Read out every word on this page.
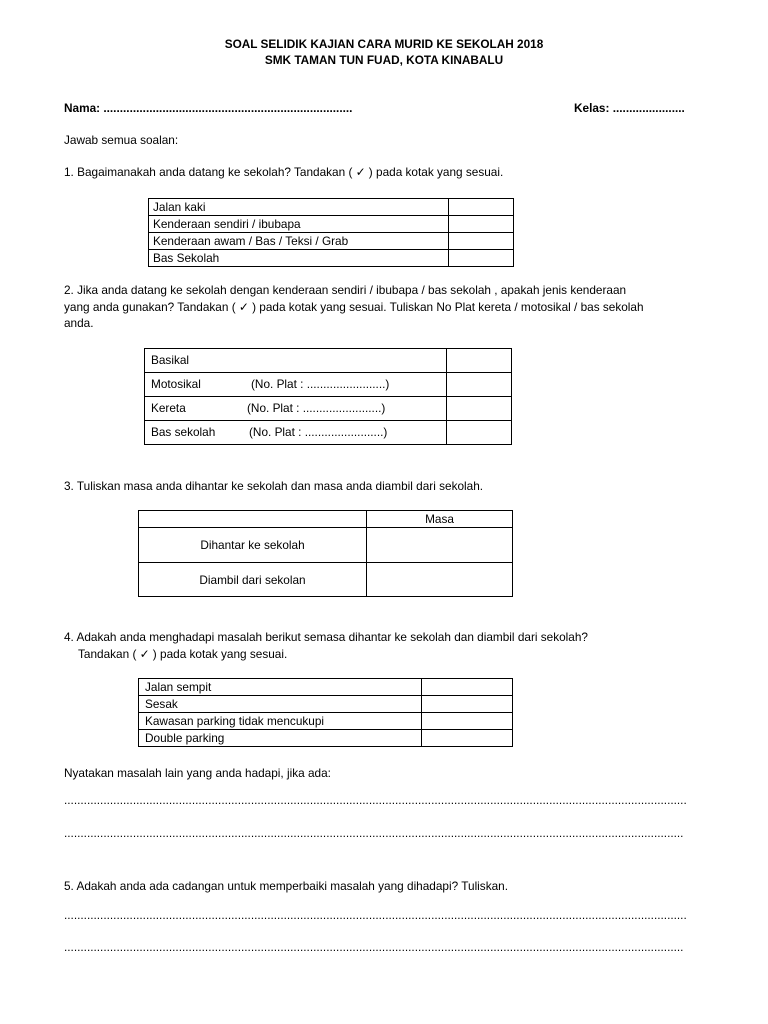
SOAL SELIDIK KAJIAN CARA MURID KE SEKOLAH 2018
SMK TAMAN TUN FUAD, KOTA KINABALU
Nama: ............................................................................	Kelas: ......................
Jawab semua soalan:
1. Bagaimanakah anda datang ke sekolah? Tandakan ( ✓ ) pada kotak yang sesuai.
Jalan kaki	
Kenderaan sendiri / ibubapa	
Kenderaan awam / Bas / Teksi / Grab	
Bas Sekolah	
2. Jika anda datang ke sekolah dengan kenderaan sendiri / ibubapa / bas sekolah , apakah jenis kenderaan
yang anda gunakan? Tandakan ( ✓ ) pada kotak yang sesuai. Tuliskan No Plat kereta / motosikal / bas sekolah
anda.
Basikal	
Motosikal (No. Plat : ........................)	
Kereta (No. Plat : ........................)	
Bas sekolah (No. Plat : ........................)	
3. Tuliskan masa anda dihantar ke sekolah dan masa anda diambil dari sekolah.
	Masa
Dihantar ke sekolah	
Diambil dari sekolan	
4. Adakah anda menghadapi masalah berikut semasa dihantar ke sekolah dan diambil dari sekolah?
Tandakan ( ✓ ) pada kotak yang sesuai.
Jalan sempit	
Sesak	
Kawasan parking tidak mencukupi	
Double parking	
Nyatakan masalah lain yang anda hadapi, jika ada:
..............................................................................................................................................................................................
.............................................................................................................................................................................................
5. Adakah anda ada cadangan untuk memperbaiki masalah yang dihadapi? Tuliskan.
..............................................................................................................................................................................................
.............................................................................................................................................................................................
